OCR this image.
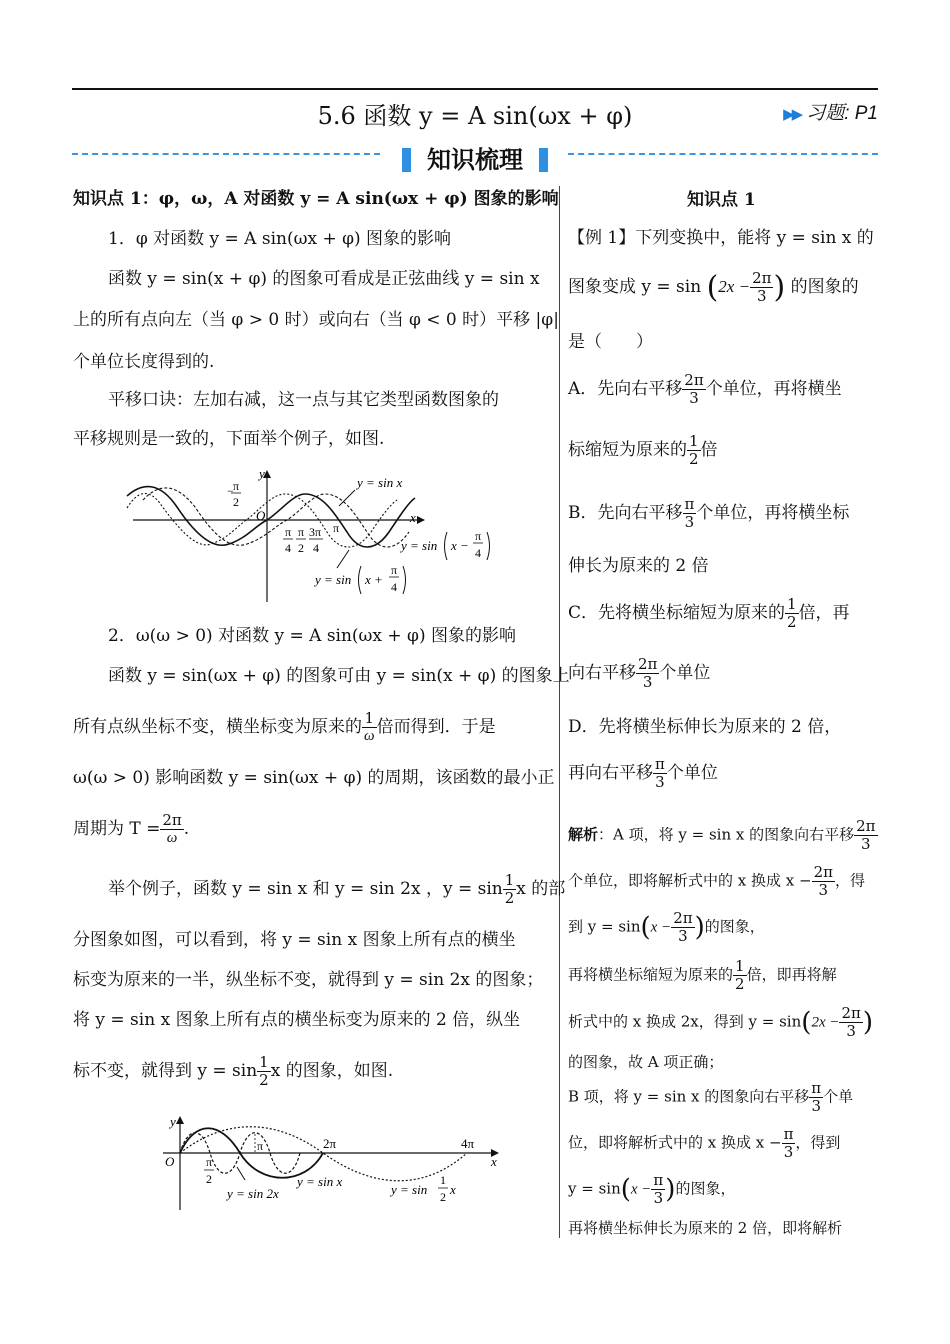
5.6 函数 y = A sin(ωx + φ)	▶▶ 习题: P1
知识梳理
知识点 1：φ，ω，A 对函数 y = A sin(ωx + φ) 图象的影响
1．φ 对函数 y = A sin(ωx + φ) 图象的影响
函数 y = sin(x + φ) 的图象可看成是正弦曲线 y = sin x
上的所有点向左（当 φ > 0 时）或向右（当 φ < 0 时）平移 |φ|
个单位长度得到的.
平移口诀：左加右减，这一点与其它类型函数图象的
平移规则是一致的，下面举个例子，如图.
y
x
O
− π
2
π
4
π
2
3π
4
π
y = sin x
y = sin x −
π
4
y = sin x +
π
4
2．ω(ω > 0) 对函数 y = A sin(ωx + φ) 图象的影响
函数 y = sin(ωx + φ) 的图象可由 y = sin(x + φ) 的图象上
所有点纵坐标不变，横坐标变为原来的 $\frac{1}{\omega}$ 倍而得到．于是
ω(ω > 0) 影响函数 y = sin(ωx + φ) 的周期，该函数的最小正
周期为 $T = \frac{2\pi}{\omega}$ .
举个例子，函数 y = sin x 和 y = sin 2x ，$y = \sin \frac{1}{2}$ x 的部
分图象如图，可以看到，将 y = sin x 图象上所有点的横坐
标变为原来的一半，纵坐标不变，就得到 y = sin 2x 的图象；
将 y = sin x 图象上所有点的横坐标变为原来的 2 倍，纵坐
标不变，就得到 $y = \sin \frac{1}{2}$ x 的图象，如图.
y
x
O
π	2π	4π
π
2
y = sin 2x
y = sin x
y = sin
1
2 x
知识点 1
【例 1】下列变换中，能将 y = sin x 的
图象变成 $y = \sin (2x - \frac{2\pi}{3}$ ) 的图象的
是（　　）
A．先向右平移 $\frac{2\pi}{3}$ 个单位，再将横坐
标缩短为原来的 $\frac{1}{2}$ 倍
B．先向右平移 $\frac{\pi}{3}$ 个单位，再将横坐标
伸长为原来的 2 倍
C．先将横坐标缩短为原来的 $\frac{1}{2}$ 倍，再
向右平移 $\frac{2\pi}{3}$ 个单位
D．先将横坐标伸长为原来的 2 倍，
再向右平移 $\frac{\pi}{3}$ 个单位
解析：A 项，将 y = sin x 的图象向右平移 $\frac{2\pi}{3}$
个单位，即将解析式中的 x 换成 $x - \frac{2\pi}{3}$ ，得
到 $y = \sin(x - \frac{2\pi}{3}$ )的图象，
再将横坐标缩短为原来的 $\frac{1}{2}$ 倍，即再将解
析式中的 x 换成 2x，得到 $y = \sin(2x - \frac{2\pi}{3}$ )
的图象，故 A 项正确；
B 项，将 y = sin x 的图象向右平移 $\frac{\pi}{3}$ 个单
位，即将解析式中的 x 换成 $x - \frac{\pi}{3}$ ，得到
$y = \sin(x - \frac{\pi}{3}$ )的图象，
再将横坐标伸长为原来的 2 倍，即将解析
